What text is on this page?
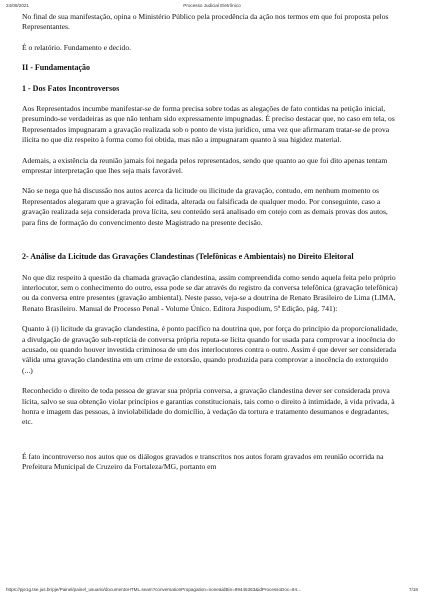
24/08/2021	Processo Judicial Eletrônico

No final de sua manifestação, opina o Ministério Público pela procedência da ação nos termos em que foi proposta pelos Representantes.

É o relatório. Fundamento e decido.

II - Fundamentação
1 - Dos Fatos Incontroversos

Aos Representados incumbe manifestar-se de forma precisa sobre todas as alegações de fato contidas na petição inicial, presumindo-se verdadeiras as que não tenham sido expressamente impugnadas. É preciso destacar que, no caso em tela, os Representados impugnaram a gravação realizada sob o ponto de vista jurídico, uma vez que afirmaram tratar-se de prova ilícita no que diz respeito à forma como foi obtida, mas não a impugnaram quanto à sua higidez material.

Ademais, a existência da reunião jamais foi negada pelos representados, sendo que quanto ao que foi dito apenas tentam emprestar interpretação que lhes seja mais favorável.

Não se nega que há discussão nos autos acerca da licitude ou ilicitude da gravação, contudo, em nenhum momento os Representados alegaram que a gravação foi editada, alterada ou falsificada de qualquer modo. Por conseguinte, caso a gravação realizada seja considerada prova lícita, seu conteúdo será analisado em cotejo com as demais provas dos autos, para fins de formação do convencimento deste Magistrado na presente decisão.

2- Análise da Licitude das Gravações Clandestinas (Telefônicas e Ambientais) no Direito Eleitoral

No que diz respeito à questão da chamada gravação clandestina, assim compreendida como sendo aquela feita pelo próprio interlocutor, sem o conhecimento do outro, essa pode se dar através do registro da conversa telefônica (gravação telefônica) ou da conversa entre presentes (gravação ambiental). Neste passo, veja-se a doutrina de Renato Brasileiro de Lima (LIMA, Renato Brasileiro. Manual de Processo Penal - Volume Único. Editora Juspodium, 5ª Edição, pág. 741):

Quanto à (i) licitude da gravação clandestina, é ponto pacífico na doutrina que, por força do princípio da proporcionalidade, a divulgação de gravação sub-reptícia de conversa própria reputa-se lícita quando for usada para comprovar a inocência do acusado, ou quando houver investida criminosa de um dos interlocutores contra o outro. Assim é que dever ser considerada válida uma gravação clandestina em um crime de extorsão, quando produzida para comprovar a inocência do extorquido (...)

Reconhecido o direito de toda pessoa de gravar sua própria conversa, a gravação clandestina dever ser considerada prova lícita, salvo se sua obtenção violar princípios e garantias constitucionais, tais como o direito à intimidade, à vida privada, à honra e imagem das pessoas, à inviolabilidade do domicílio, à vedação da tortura e tratamento desumanos e degradantes, etc.

É fato incontroverso nos autos que os diálogos gravados e transcritos nos autos foram gravados em reunião ocorrida na Prefeitura Municipal de Cruzeiro da Fortaleza/MG, portanto em

https://pje1g.tse.jus.br/pje/Painel/painel_usuario/documentoHTML.seam?conversationPropagation=none&idBin=89445363&idProcessoDoc=94…	7/18
